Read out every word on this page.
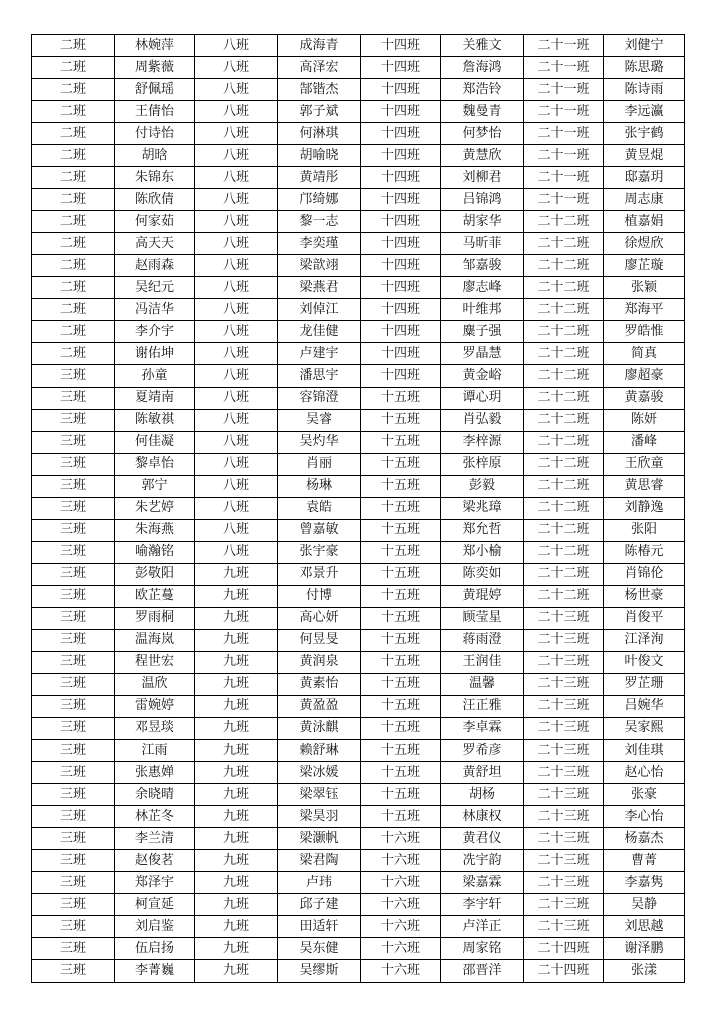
二班	林婉萍	八班	成海青	十四班	关雅文	二十一班	刘健宁
二班	周紫薇	八班	高泽宏	十四班	詹海鸿	二十一班	陈思璐
二班	舒佩瑶	八班	郜锴杰	十四班	郑浩铃	二十一班	陈诗雨
二班	王倩怡	八班	郭子斌	十四班	魏曼青	二十一班	李远瀛
二班	付诗怡	八班	何淋琪	十四班	何梦怡	二十一班	张宇鹤
二班	胡晗	八班	胡喻晓	十四班	黄慧欣	二十一班	黄昱焜
二班	朱锦东	八班	黄靖彤	十四班	刘柳君	二十一班	邸嘉玥
二班	陈欣倩	八班	邝绮娜	十四班	吕锦鸿	二十一班	周志康
二班	何家茹	八班	黎一志	十四班	胡家华	二十二班	植嘉娟
二班	高天天	八班	李奕瑾	十四班	马昕菲	二十二班	徐煜欣
二班	赵雨森	八班	梁歆翊	十四班	邹嘉骏	二十二班	廖芷璇
二班	吴纪元	八班	梁燕君	十四班	廖志峰	二十二班	张颖
二班	冯洁华	八班	刘倬江	十四班	叶维邦	二十二班	郑海平
二班	李介宇	八班	龙佳健	十四班	麋子强	二十二班	罗皓惟
二班	谢佑坤	八班	卢建宇	十四班	罗晶慧	二十二班	简真
三班	孙童	八班	潘思宇	十四班	黄金峪	二十二班	廖超豪
三班	夏靖南	八班	容锦澄	十五班	谭心玥	二十二班	黄嘉骏
三班	陈敏祺	八班	吴睿	十五班	肖弘毅	二十二班	陈妍
三班	何佳凝	八班	吴灼华	十五班	李梓源	二十二班	潘峰
三班	黎卓怡	八班	肖丽	十五班	张梓原	二十二班	王欣童
三班	郭宁	八班	杨琳	十五班	彭毅	二十二班	黄思睿
三班	朱艺婷	八班	袁皓	十五班	梁兆璋	二十二班	刘静逸
三班	朱海燕	八班	曾嘉敏	十五班	郑允哲	二十二班	张阳
三班	喻瀚铭	八班	张宇豪	十五班	郑小榆	二十二班	陈椿元
三班	彭敬阳	九班	邓景升	十五班	陈奕如	二十二班	肖锦伦
三班	欧芷蔓	九班	付博	十五班	黄琨婷	二十二班	杨世豪
三班	罗雨桐	九班	高心妍	十五班	顾莹星	二十三班	肖俊平
三班	温海岚	九班	何昱旻	十五班	蒋雨澄	二十三班	江泽洵
三班	程世宏	九班	黄润泉	十五班	王润佳	二十三班	叶俊文
三班	温欣	九班	黄素怡	十五班	温馨	二十三班	罗芷珊
三班	雷婉婷	九班	黄盈盈	十五班	汪正雅	二十三班	吕婉华
三班	邓昱琰	九班	黄泳麒	十五班	李卓霖	二十三班	吴家熙
三班	江雨	九班	赖舒琳	十五班	罗希彦	二十三班	刘佳琪
三班	张惠婵	九班	梁冰媛	十五班	黄舒坦	二十三班	赵心怡
三班	余晓晴	九班	梁翠钰	十五班	胡杨	二十三班	张豪
三班	林芷冬	九班	梁昊羽	十五班	林康权	二十三班	李心怡
三班	李兰清	九班	梁灏帆	十六班	黄君仪	二十三班	杨嘉杰
三班	赵俊茗	九班	梁君陶	十六班	冼宇韵	二十三班	曹菁
三班	郑泽宇	九班	卢玮	十六班	梁嘉霖	二十三班	李嘉隽
三班	柯宣延	九班	邱子建	十六班	李宇轩	二十三班	吴静
三班	刘启鉴	九班	田适轩	十六班	卢洋正	二十三班	刘思越
三班	伍启扬	九班	吴东健	十六班	周家铭	二十四班	谢泽鹏
三班	李菁巍	九班	吴缪斯	十六班	邵晋洋	二十四班	张漾
